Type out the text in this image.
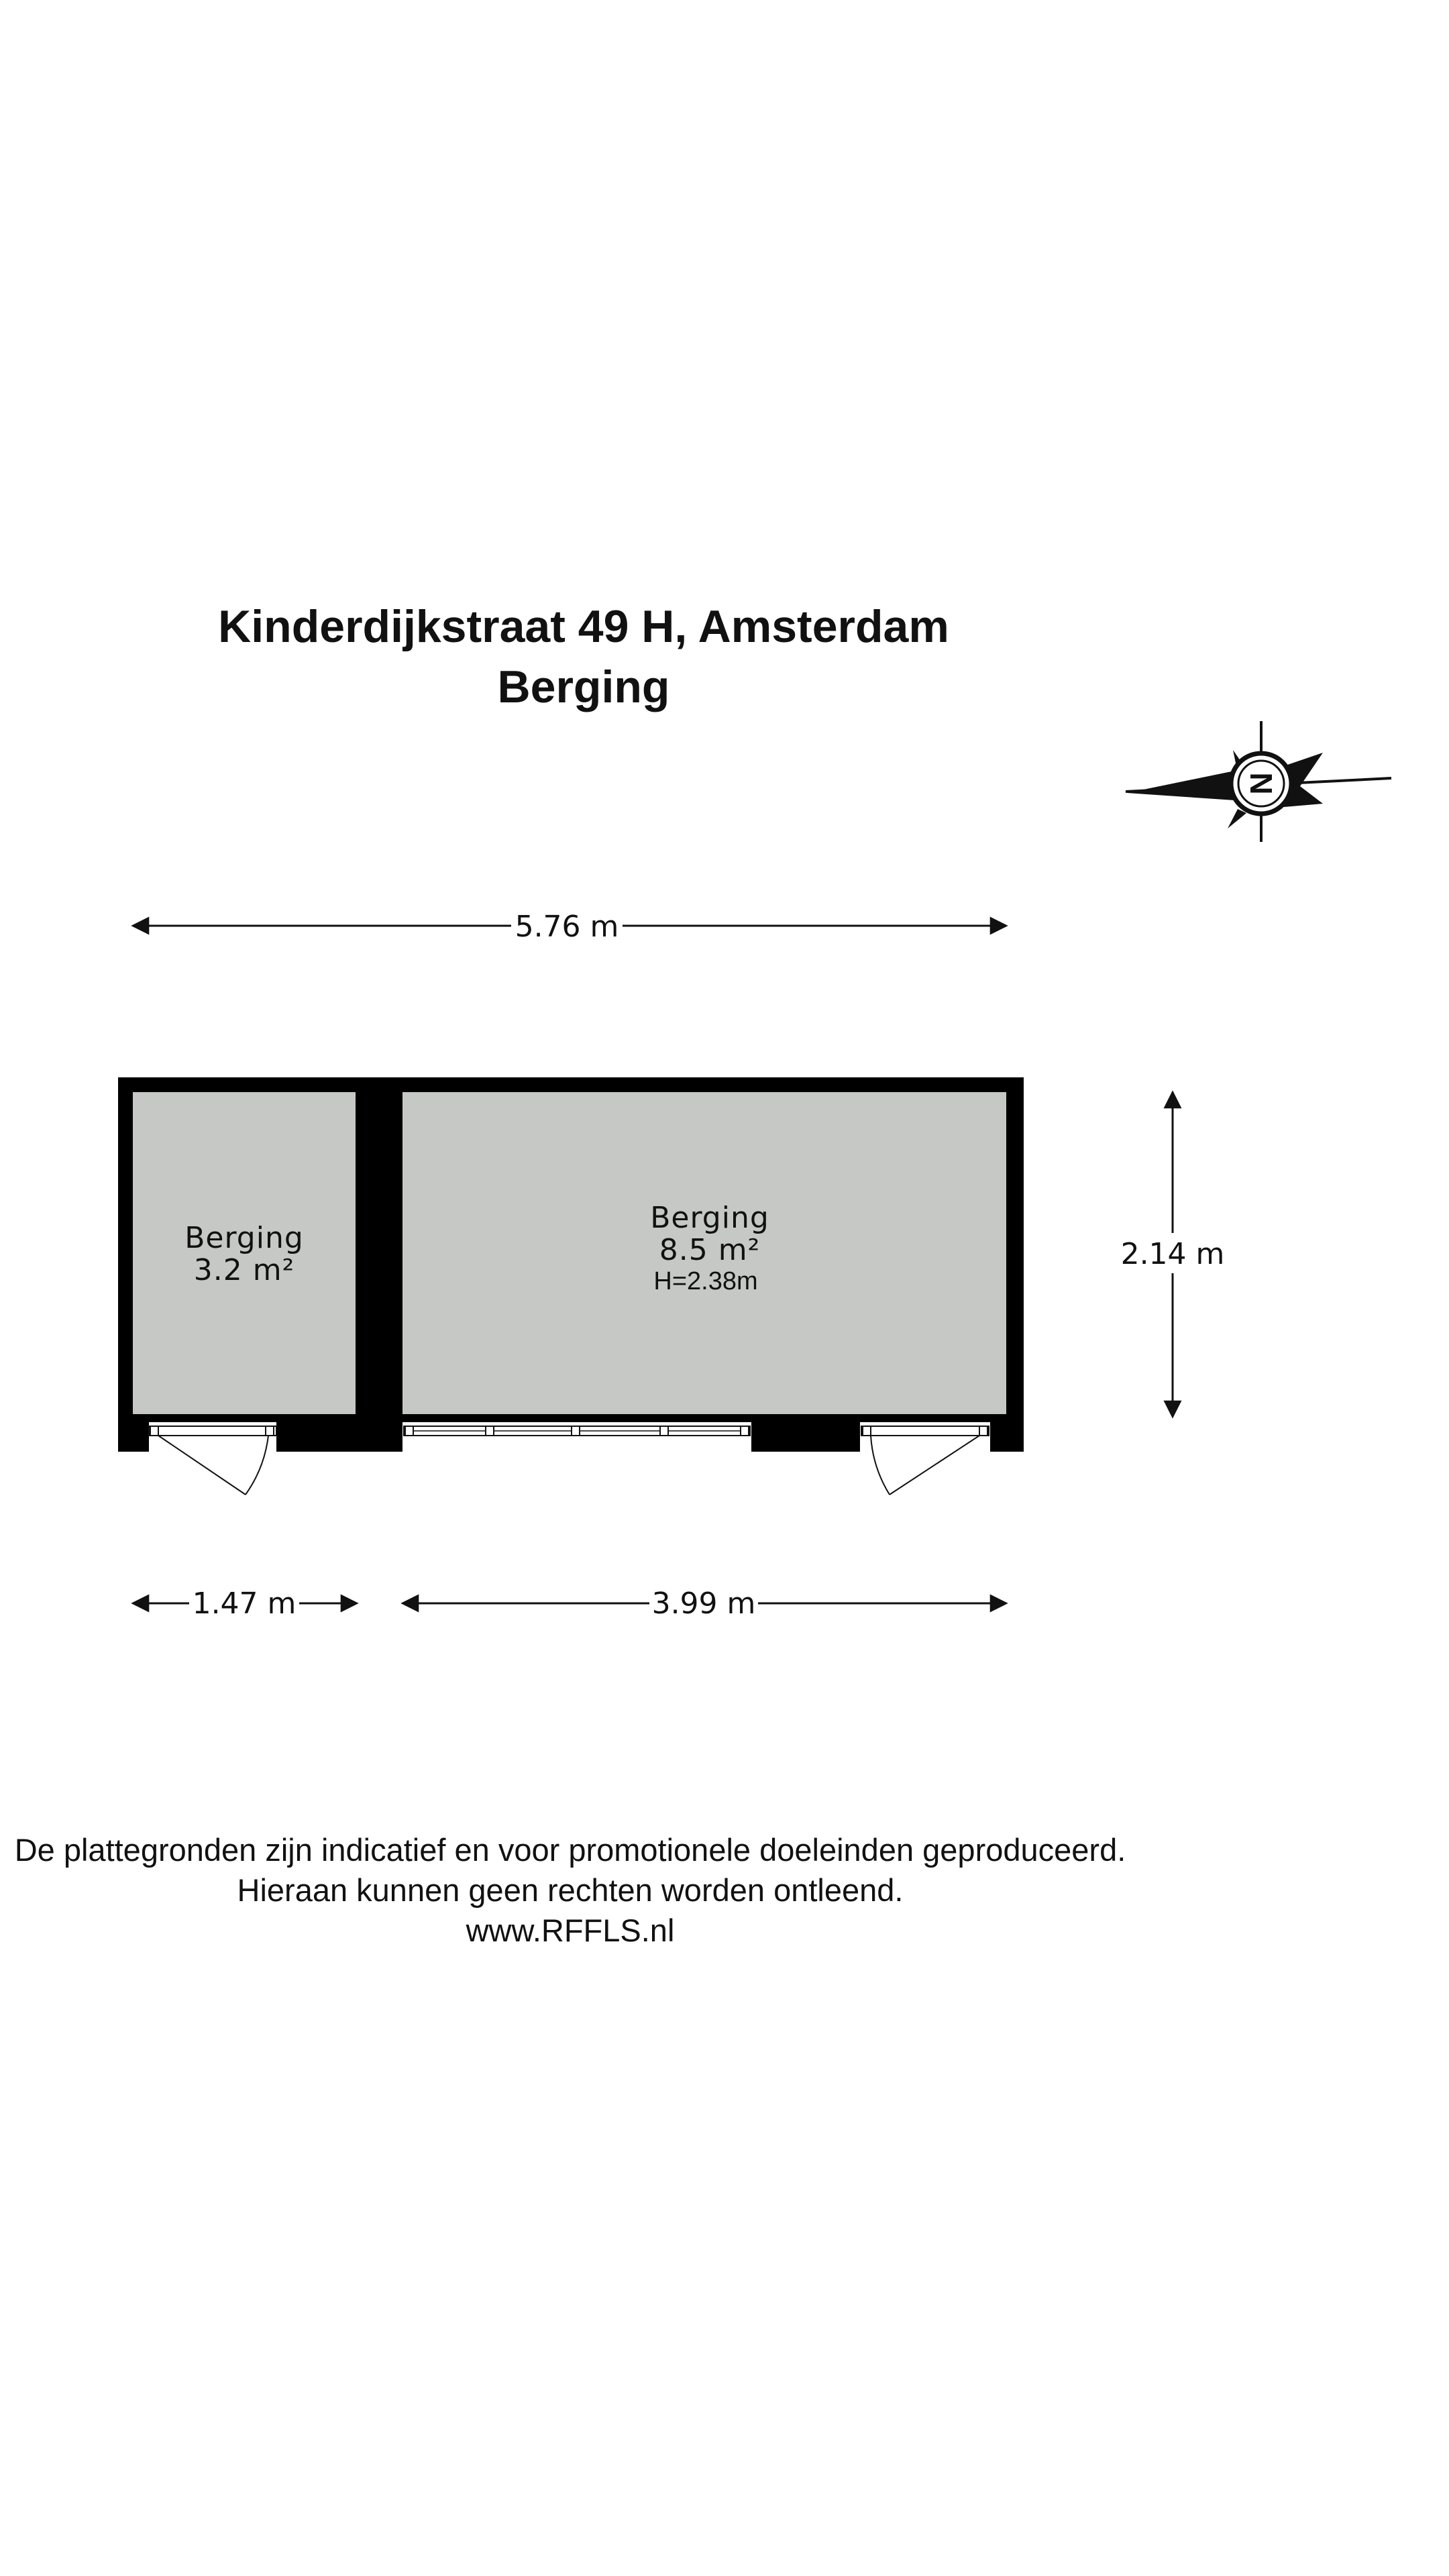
Kinderdijkstraat 49 H, Amsterdam
Berging
N
5.76 m
2.14 m
Berging
3.2 m²
Berging
8.5 m²
H=2.38m
1.47 m	3.99 m
De plattegronden zijn indicatief en voor promotionele doeleinden geproduceerd.
Hieraan kunnen geen rechten worden ontleend.
www.RFFLS.nl
